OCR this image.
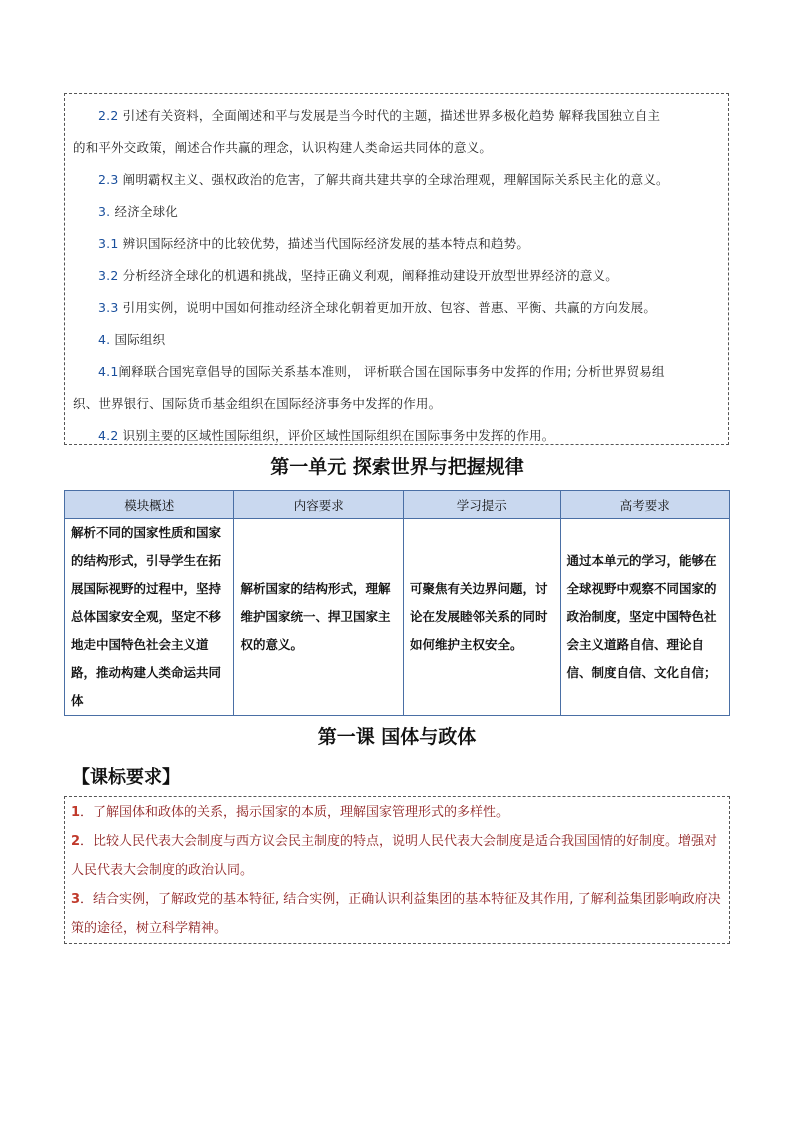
2.2 引述有关资料，全面阐述和平与发展是当今时代的主题，描述世界多极化趋势 解释我国独立自主

的和平外交政策，阐述合作共赢的理念，认识构建人类命运共同体的意义。

2.3 阐明霸权主义、强权政治的危害，了解共商共建共享的全球治理观，理解国际关系民主化的意义。

3. 经济全球化

3.1 辨识国际经济中的比较优势，描述当代国际经济发展的基本特点和趋势。

3.2 分析经济全球化的机遇和挑战，坚持正确义利观，阐释推动建设开放型世界经济的意义。

3.3 引用实例，说明中国如何推动经济全球化朝着更加开放、包容、普惠、平衡、共赢的方向发展。

4. 国际组织

4.1阐释联合国宪章倡导的国际关系基本准则， 评析联合国在国际事务中发挥的作用; 分析世界贸易组

织、世界银行、国际货币基金组织在国际经济事务中发挥的作用。

4.2 识别主要的区域性国际组织，评价区域性国际组织在国际事务中发挥的作用。

第一单元 探索世界与把握规律
模块概述	内容要求	学习提示	高考要求
解析不同的国家性质和国家的结构形式，引导学生在拓展国际视野的过程中，坚持总体国家安全观，坚定不移地走中国特色社会主义道路，推动构建人类命运共同体	解析国家的结构形式，理解维护国家统一、捍卫国家主权的意义。	可聚焦有关边界问题，讨论在发展睦邻关系的同时如何维护主权安全。	通过本单元的学习，能够在全球视野中观察不同国家的政治制度，坚定中国特色社会主义道路自信、理论自信、制度自信、文化自信；
第一课 国体与政体
【课标要求】

1．了解国体和政体的关系，揭示国家的本质，理解国家管理形式的多样性。

2．比较人民代表大会制度与西方议会民主制度的特点，说明人民代表大会制度是适合我国国情的好制度。增强对人民代表大会制度的政治认同。

3．结合实例，了解政党的基本特征, 结合实例，正确认识利益集团的基本特征及其作用, 了解利益集团影响政府决策的途径，树立科学精神。
